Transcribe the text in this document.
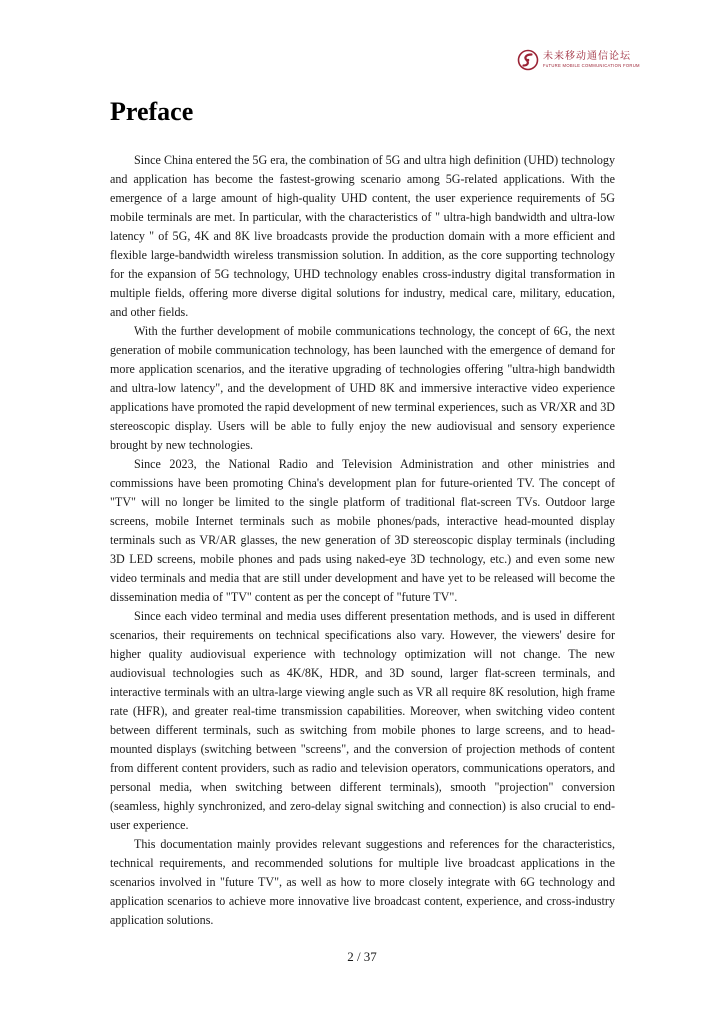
未来移动通信论坛
FuTURE MOBILE COMMUNICATION FORUM
Preface

Since China entered the 5G era, the combination of 5G and ultra high definition (UHD) technology and application has become the fastest-growing scenario among 5G-related applications. With the emergence of a large amount of high-quality UHD content, the user experience requirements of 5G mobile terminals are met. In particular, with the characteristics of " ultra-high bandwidth and ultra-low latency " of 5G, 4K and 8K live broadcasts provide the production domain with a more efficient and flexible large-bandwidth wireless transmission solution. In addition, as the core supporting technology for the expansion of 5G technology, UHD technology enables cross-industry digital transformation in multiple fields, offering more diverse digital solutions for industry, medical care, military, education, and other fields.

With the further development of mobile communications technology, the concept of 6G, the next generation of mobile communication technology, has been launched with the emergence of demand for more application scenarios, and the iterative upgrading of technologies offering "ultra-high bandwidth and ultra-low latency", and the development of UHD 8K and immersive interactive video experience applications have promoted the rapid development of new terminal experiences, such as VR/XR and 3D stereoscopic display. Users will be able to fully enjoy the new audiovisual and sensory experience brought by new technologies.

Since 2023, the National Radio and Television Administration and other ministries and commissions have been promoting China's development plan for future-oriented TV. The concept of "TV" will no longer be limited to the single platform of traditional flat-screen TVs. Outdoor large screens, mobile Internet terminals such as mobile phones/pads, interactive head-mounted display terminals such as VR/AR glasses, the new generation of 3D stereoscopic display terminals (including 3D LED screens, mobile phones and pads using naked-eye 3D technology, etc.) and even some new video terminals and media that are still under development and have yet to be released will become the dissemination media of "TV" content as per the concept of "future TV".

Since each video terminal and media uses different presentation methods, and is used in different scenarios, their requirements on technical specifications also vary. However, the viewers' desire for higher quality audiovisual experience with technology optimization will not change. The new audiovisual technologies such as 4K/8K, HDR, and 3D sound, larger flat-screen terminals, and interactive terminals with an ultra-large viewing angle such as VR all require 8K resolution, high frame rate (HFR), and greater real-time transmission capabilities. Moreover, when switching video content between different terminals, such as switching from mobile phones to large screens, and to head-mounted displays (switching between "screens", and the conversion of projection methods of content from different content providers, such as radio and television operators, communications operators, and personal media, when switching between different terminals), smooth "projection" conversion (seamless, highly synchronized, and zero-delay signal switching and connection) is also crucial to end-user experience.

This documentation mainly provides relevant suggestions and references for the characteristics, technical requirements, and recommended solutions for multiple live broadcast applications in the scenarios involved in "future TV", as well as how to more closely integrate with 6G technology and application scenarios to achieve more innovative live broadcast content, experience, and cross-industry application solutions.

2 / 37
